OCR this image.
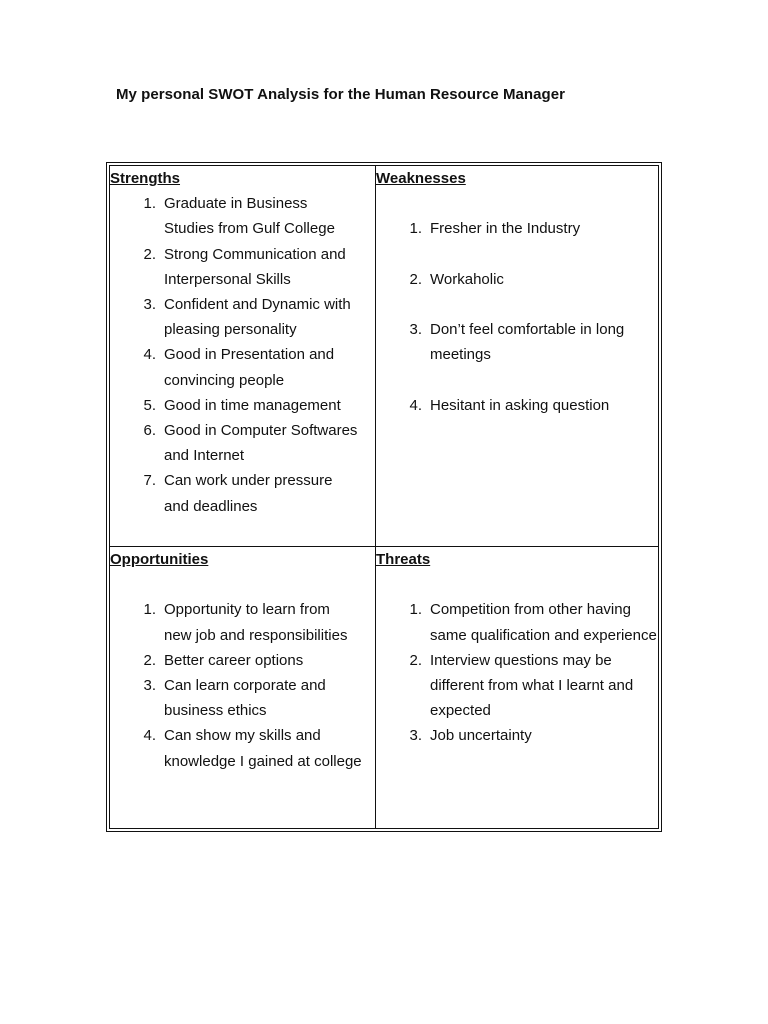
My personal SWOT Analysis for the Human Resource Manager
Strengths
1. Graduate in Business
Studies from Gulf College
2. Strong Communication and
Interpersonal Skills
3. Confident and Dynamic with
pleasing personality
4. Good in Presentation and
convincing people
5. Good in time management
6. Good in Computer Softwares
and Internet
7. Can work under pressure
and deadlines
Weaknesses
1. Fresher in the Industry
2. Workaholic
3. Don’t feel comfortable in long
meetings
4. Hesitant in asking question
Opportunities
1. Opportunity to learn from
new job and responsibilities
2. Better career options
3. Can learn corporate and
business ethics
4. Can show my skills and
knowledge I gained at college
Threats
1. Competition from other having
same qualification and experience
2. Interview questions may be
different from what I learnt and
expected
3. Job uncertainty
